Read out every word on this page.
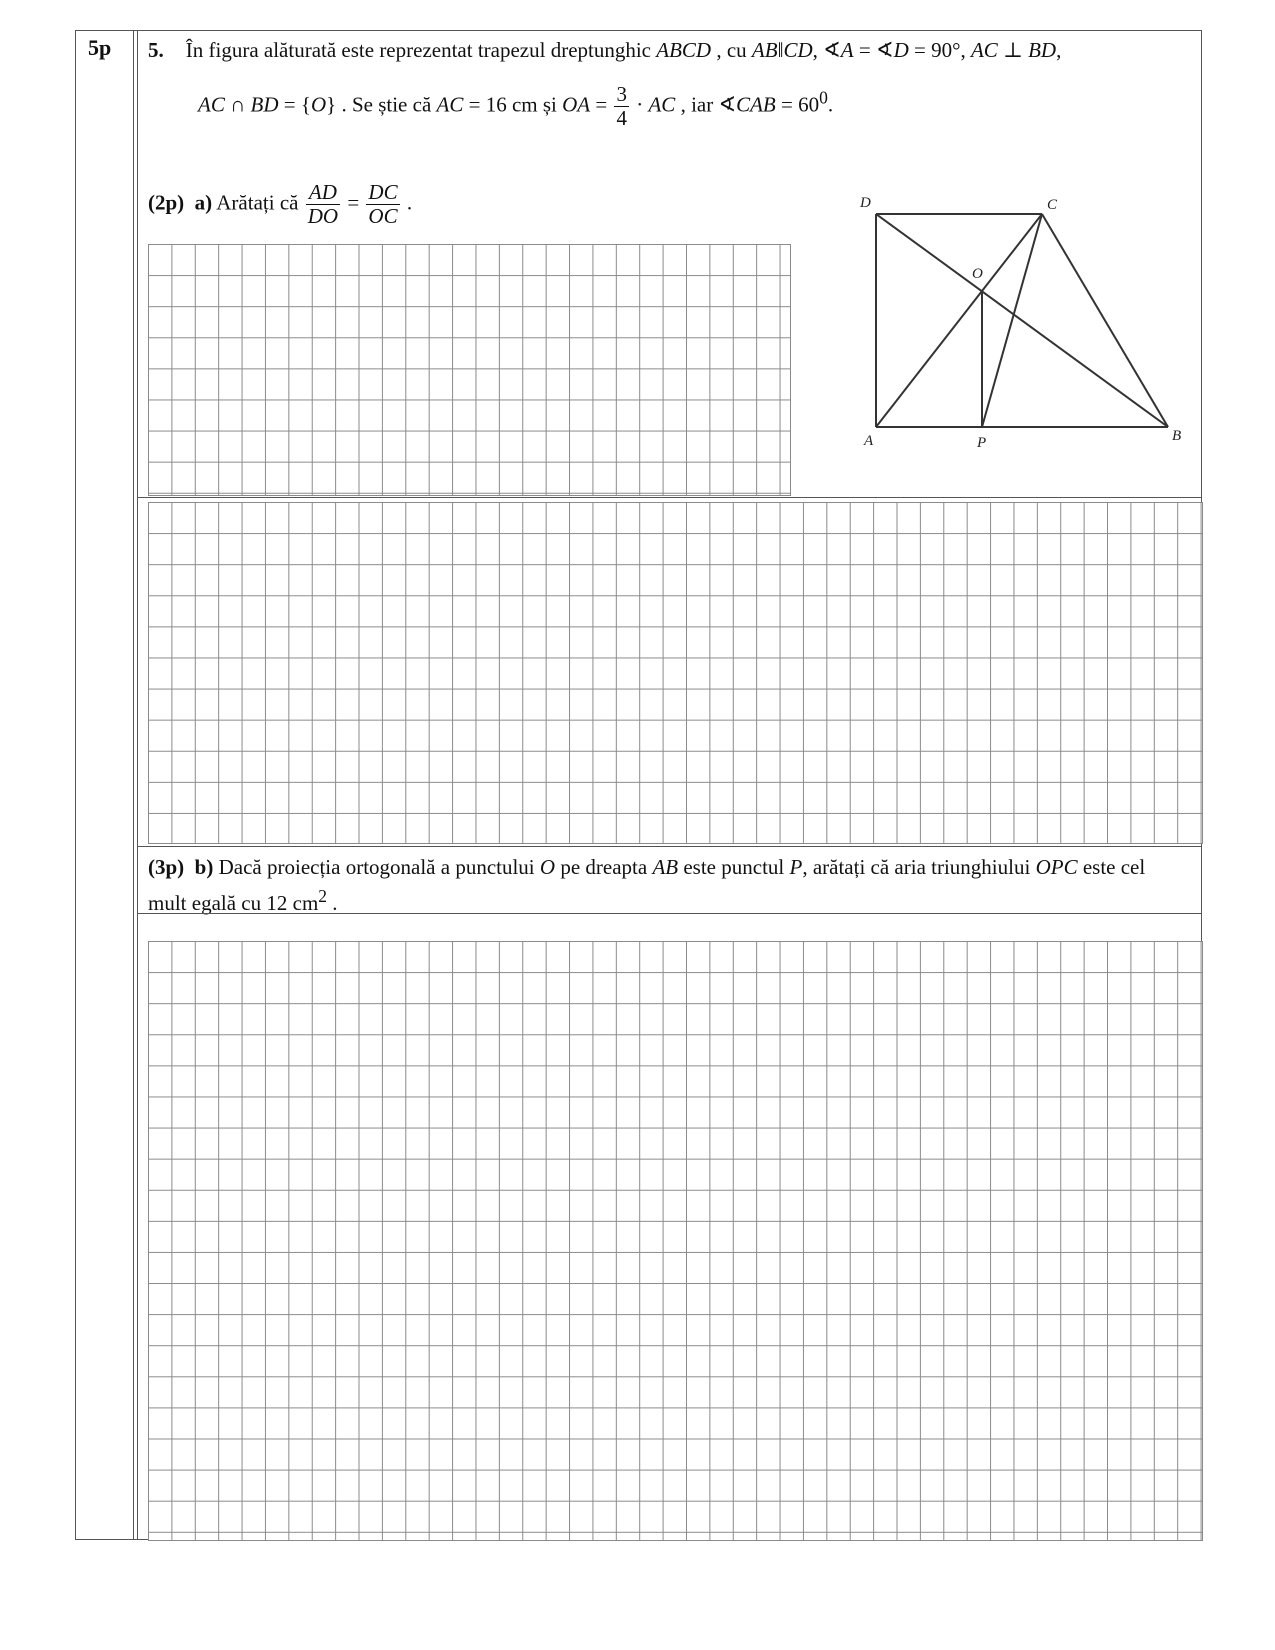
5p 5. În figura alăturată este reprezentat trapezul dreptunghic ABCD , cu AB‖CD, ∢A = ∢D = 90°, AC ⊥ BD,
AC ∩ BD = {O} . Se știe că AC = 16 cm și OA = $\frac{3}{4}$ · AC , iar ∢CAB = $60^0$.
(2p) a) Arătați că $\frac{AD}{DO} = \frac{DC}{OC}$ .	D	C
O
A	P	B
(3p) b) Dacă proiecția ortogonală a punctului O pe dreapta AB este punctul P, arătați că aria triunghiului OPC este cel mult egală cu 12 $cm^2$ .
